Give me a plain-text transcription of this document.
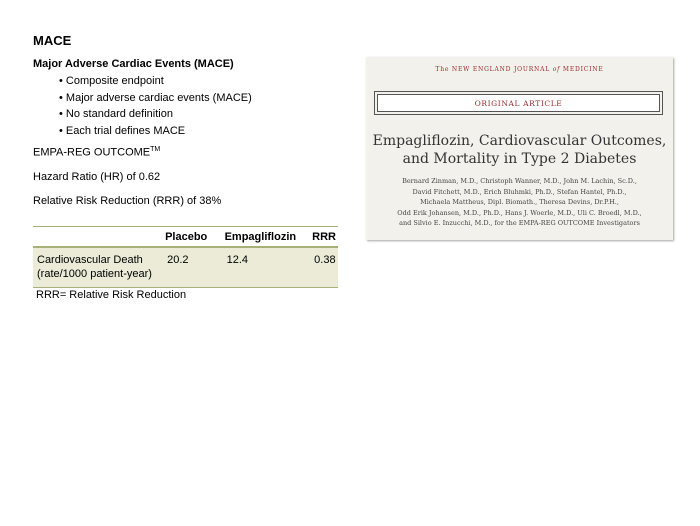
MACE

Major Adverse Cardiac Events (MACE)

• Composite endpoint
• Major adverse cardiac events (MACE)
• No standard definition
• Each trial defines MACE

EMPA-REG OUTCOME™

Hazard Ratio (HR) of 0.62

Relative Risk Reduction (RRR) of 38%

	Placebo	Empagliflozin	RRR
Cardiovascular Death
(rate/1000 patient-year)	20.2	12.4	0.38

RRR= Relative Risk Reduction

The NEW ENGLAND JOURNAL of MEDICINE
ORIGINAL ARTICLE
Empagliflozin, Cardiovascular Outcomes,
and Mortality in Type 2 Diabetes
Bernard Zinman, M.D., Christoph Wanner, M.D., John M. Lachin, Sc.D.,
David Fitchett, M.D., Erich Bluhmki, Ph.D., Stefan Hantel, Ph.D.,
Michaela Mattheus, Dipl. Biomath., Theresa Devins, Dr.P.H.,
Odd Erik Johansen, M.D., Ph.D., Hans J. Woerle, M.D., Uli C. Broedl, M.D.,
and Silvio E. Inzucchi, M.D., for the EMPA-REG OUTCOME Investigators
